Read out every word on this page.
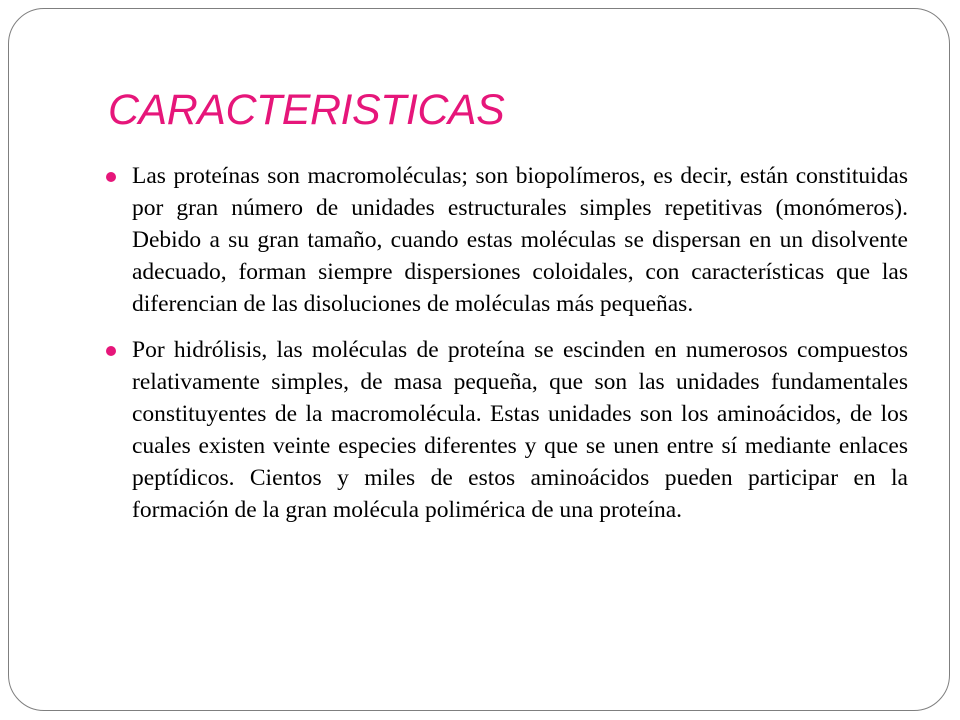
CARACTERISTICAS
Las proteínas son macromoléculas; son biopolímeros, es decir, están constituidas por gran número de unidades estructurales simples repetitivas (monómeros). Debido a su gran tamaño, cuando estas moléculas se dispersan en un disolvente adecuado, forman siempre dispersiones coloidales, con características que las diferencian de las disoluciones de moléculas más pequeñas.
Por hidrólisis, las moléculas de proteína se escinden en numerosos compuestos relativamente simples, de masa pequeña, que son las unidades fundamentales constituyentes de la macromolécula. Estas unidades son los aminoácidos, de los cuales existen veinte especies diferentes y que se unen entre sí mediante enlaces peptídicos. Cientos y miles de estos aminoácidos pueden participar en la formación de la gran molécula polimérica de una proteína.
